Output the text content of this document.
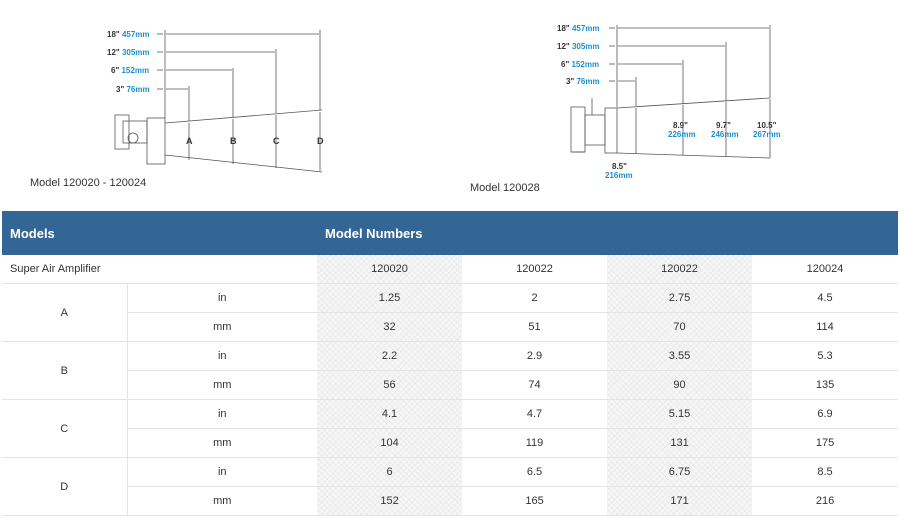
18" 457mm
12" 305mm
6" 152mm
3" 76mm
A	B	C	D
Model 120020 - 120024
18" 457mm
12" 305mm
6" 152mm
3" 76mm
8.5"
216mm
8.9"
226mm
9.7"
246mm
10.5"
267mm
Model 120028
Models		Model Numbers			
Super Air Amplifier		120020	120022	120022	120024
A	in	1.25	2	2.75	4.5
	mm	32	51	70	114
B	in	2.2	2.9	3.55	5.3
	mm	56	74	90	135
C	in	4.1	4.7	5.15	6.9
	mm	104	119	131	175
D	in	6	6.5	6.75	8.5
	mm	152	165	171	216
